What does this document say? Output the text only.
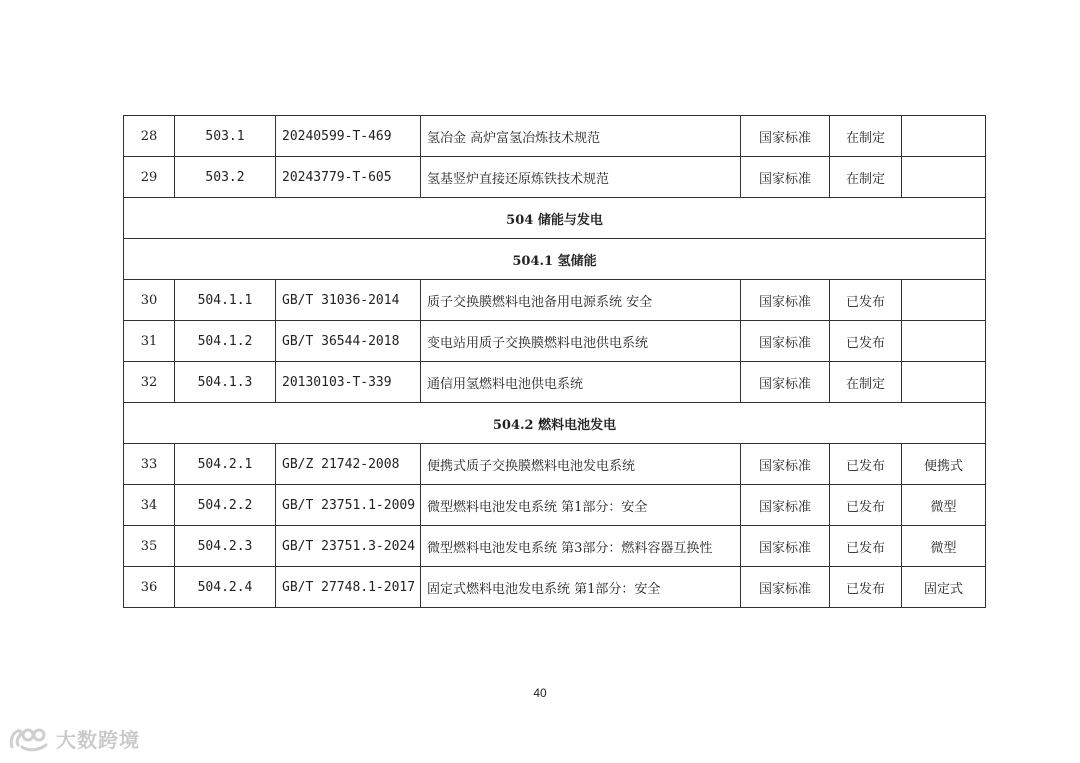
28	503.1	20240599-T-469	氢冶金 高炉富氢冶炼技术规范	国家标准	在制定	
29	503.2	20243779-T-605	氢基竖炉直接还原炼铁技术规范	国家标准	在制定	
504 储能与发电						
504.1 氢储能						
30	504.1.1	GB/T 31036-2014	质子交换膜燃料电池备用电源系统 安全	国家标准	已发布	
31	504.1.2	GB/T 36544-2018	变电站用质子交换膜燃料电池供电系统	国家标准	已发布	
32	504.1.3	20130103-T-339	通信用氢燃料电池供电系统	国家标准	在制定	
504.2 燃料电池发电						
33	504.2.1	GB/Z 21742-2008	便携式质子交换膜燃料电池发电系统	国家标准	已发布	便携式
34	504.2.2	GB/T 23751.1-2009	微型燃料电池发电系统 第1部分：安全	国家标准	已发布	微型
35	504.2.3	GB/T 23751.3-2024	微型燃料电池发电系统 第3部分：燃料容器互换性	国家标准	已发布	微型
36	504.2.4	GB/T 27748.1-2017	固定式燃料电池发电系统 第1部分：安全	国家标准	已发布	固定式
40
大数跨境
